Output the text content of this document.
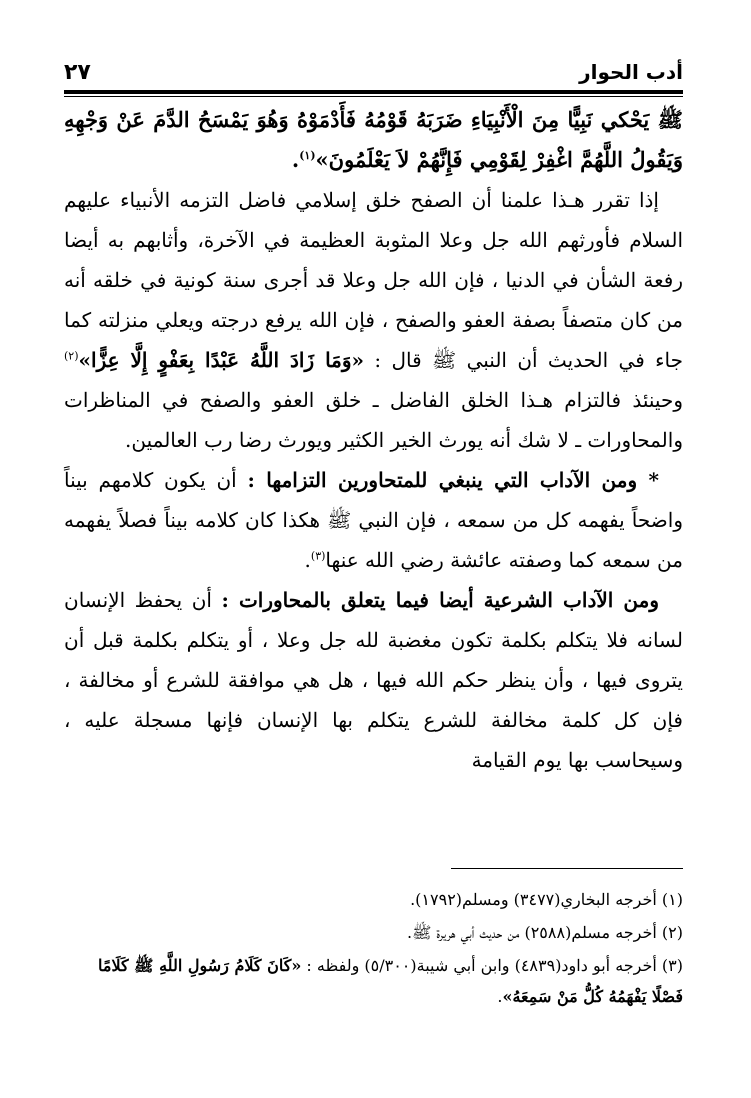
أدب الحوار
٢٧

ﷺ يَحْكي نَبِيًّا مِنَ الْأَنْبِيَاءِ ضَرَبَهُ قَوْمُهُ فَأَدْمَوْهُ وَهُوَ يَمْسَحُ الدَّمَ عَنْ وَجْهِهِ وَيَقُولُ اللَّهُمَّ اغْفِرْ لِقَوْمِي فَإِنَّهُمْ لاَ يَعْلَمُونَ»$^{(١)}$.

إذا تقرر هـذا علمنا أن الصفح خلق إسلامي فاضل التزمه الأنبياء عليهم السلام فأورثهم الله جل وعلا المثوبة العظيمة في الآخرة، وأثابهم به أيضا رفعة الشأن في الدنيا ، فإن الله جل وعلا قد أجرى سنة كونية في خلقه أنه من كان متصفاً بصفة العفو والصفح ، فإن الله يرفع درجته ويعلي منزلته كما جاء في الحديث أن النبي ﷺ قال : «وَمَا زَادَ اللَّهُ عَبْدًا بِعَفْوٍ إِلَّا عِزًّا»$^{(٢)}$ وحينئذ فالتزام هـذا الخلق الفاضل ـ خلق العفو والصفح في المناظرات والمحاورات ـ لا شك أنه يورث الخير الكثير ويورث رضا رب العالمين.

* ومن الآداب التي ينبغي للمتحاورين التزامها : أن يكون كلامهم بيناً واضحاً يفهمه كل من سمعه ، فإن النبي ﷺ هكذا كان كلامه بيناً فصلاً يفهمه من سمعه كما وصفته عائشة رضي الله عنها$^{(٣)}$.

ومن الآداب الشرعية أيضا فيما يتعلق بالمحاورات : أن يحفظ الإنسان لسانه فلا يتكلم بكلمة تكون مغضبة لله جل وعلا ، أو يتكلم بكلمة قبل أن يتروى فيها ، وأن ينظر حكم الله فيها ، هل هي موافقة للشرع أو مخالفة ، فإن كل كلمة مخالفة للشرع يتكلم بها الإنسان فإنها مسجلة عليه ، وسيحاسب بها يوم القيامة

(١) أخرجه البخاري(٣٤٧٧) ومسلم(١٧٩٢).

(٢) أخرجه مسلم(٢٥٨٨) من حديث أبي هريرة ﷺ.

(٣) أخرجه أبو داود(٤٨٣٩) وابن أبي شيبة(٥/٣٠٠) ولفظه : «كَانَ كَلَامُ رَسُولِ اللَّهِ ﷺ كَلَامًا فَصْلًا يَفْهَمُهُ كُلُّ مَنْ سَمِعَهُ».
